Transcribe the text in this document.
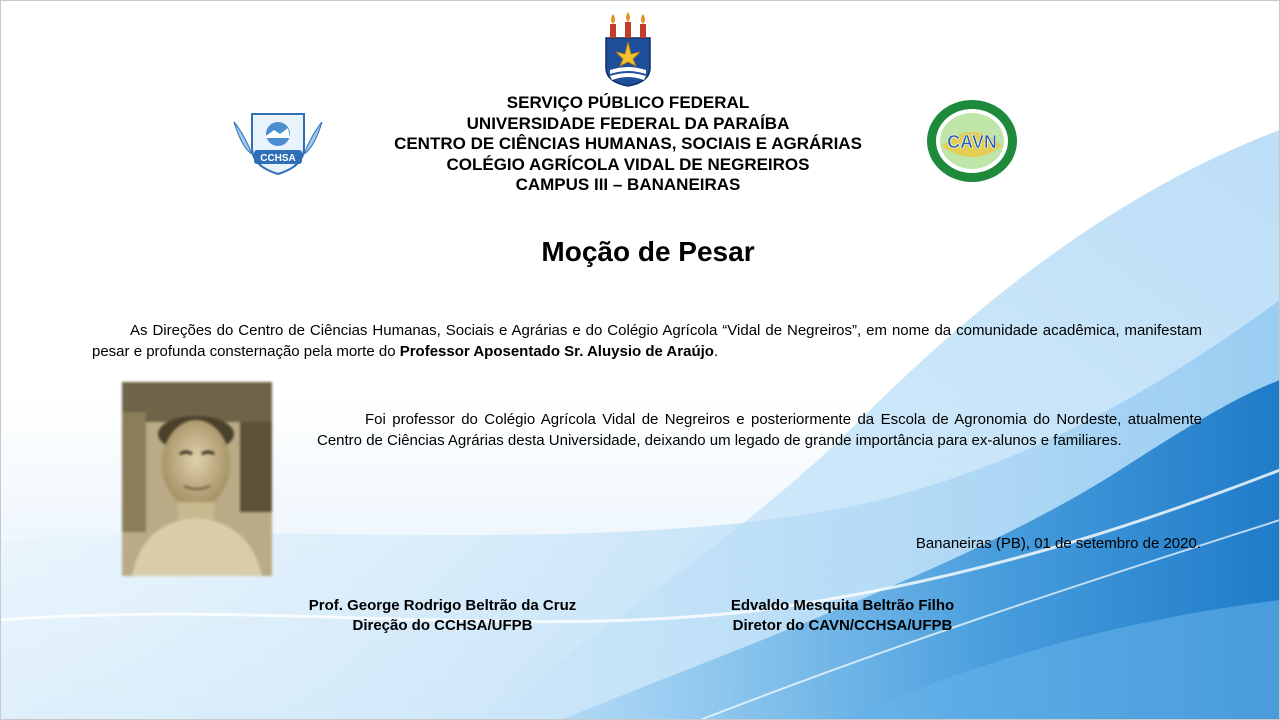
CCHSA
CAVN
SERVIÇO PÚBLICO FEDERAL
UNIVERSIDADE FEDERAL DA PARAÍBA
CENTRO DE CIÊNCIAS HUMANAS, SOCIAIS E AGRÁRIAS
COLÉGIO AGRÍCOLA VIDAL DE NEGREIROS
CAMPUS III – BANANEIRAS
Moção de Pesar
As Direções do Centro de Ciências Humanas, Sociais e Agrárias e do Colégio Agrícola “Vidal de Negreiros”, em nome da comunidade acadêmica, manifestam pesar e profunda consternação pela morte do Professor Aposentado Sr. Aluysio de Araújo.
Foi professor do Colégio Agrícola Vidal de Negreiros e posteriormente da Escola de Agronomia do Nordeste, atualmente Centro de Ciências Agrárias desta Universidade, deixando um legado de grande importância para ex-alunos e familiares.
Bananeiras (PB), 01 de setembro de 2020.
Prof. George Rodrigo Beltrão da Cruz
Direção do CCHSA/UFPB
Edvaldo Mesquita Beltrão Filho
Diretor do CAVN/CCHSA/UFPB
